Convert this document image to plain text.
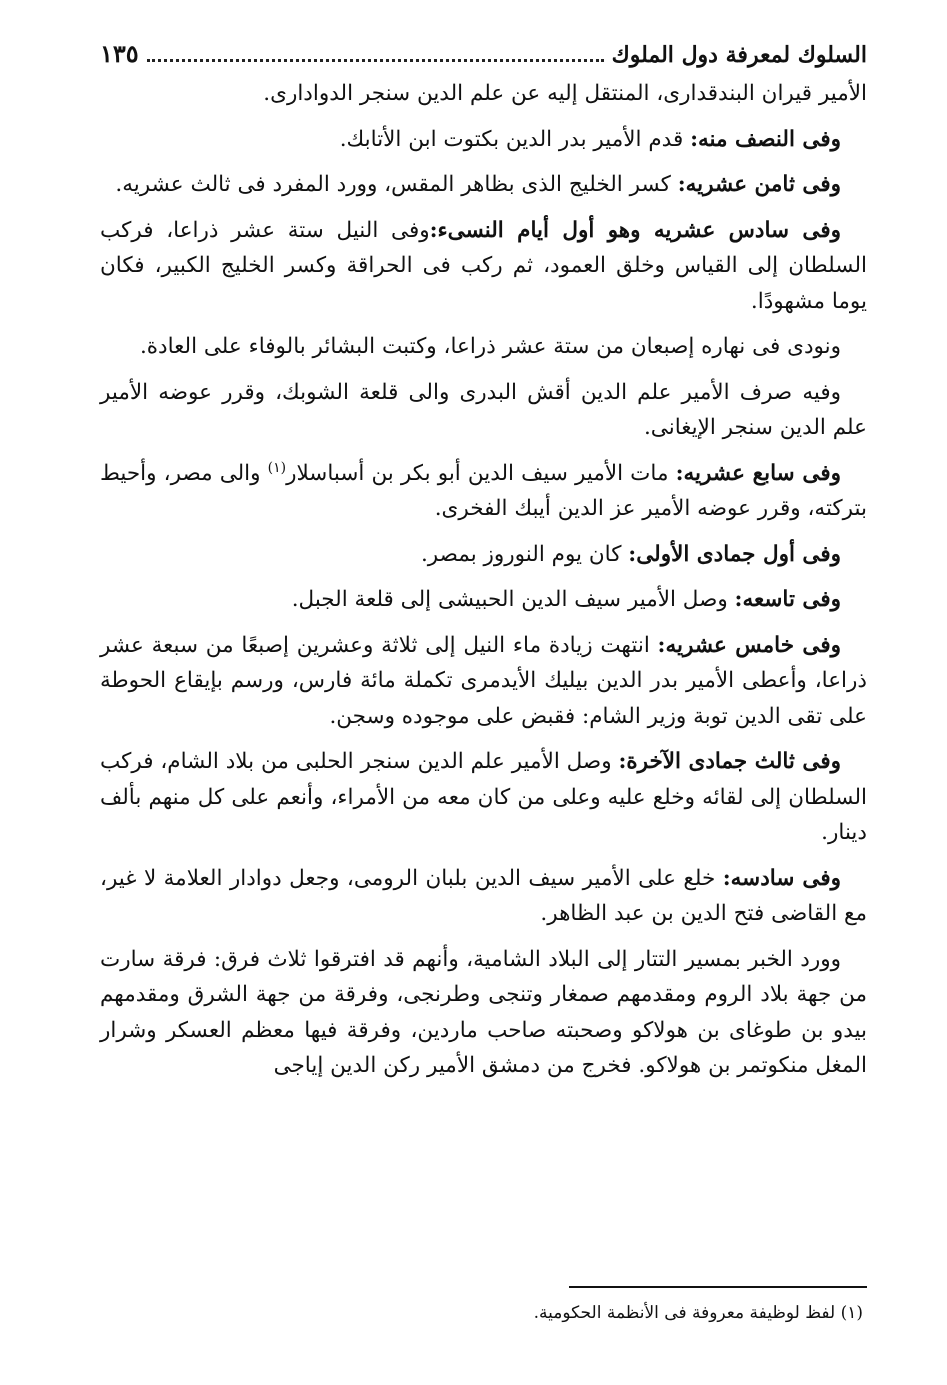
السلوك لمعرفة دول الملوك
١٣٥

الأمير قيران البندقدارى، المنتقل إليه عن علم الدين سنجر الدوادارى.

وفى النصف منه: قدم الأمير بدر الدين بكتوت ابن الأتابك.

وفى ثامن عشريه: كسر الخليج الذى بظاهر المقس، وورد المفرد فى ثالث عشريه.

وفى سادس عشريه وهو أول أيام النسىء:وفى النيل ستة عشر ذراعا، فركب السلطان إلى القياس وخلق العمود، ثم ركب فى الحراقة وكسر الخليج الكبير، فكان يوما مشهودًا.

ونودى فى نهاره إصبعان من ستة عشر ذراعا، وكتبت البشائر بالوفاء على العادة.

وفيه صرف الأمير علم الدين أقش البدرى والى قلعة الشوبك، وقرر عوضه الأمير علم الدين سنجر الإيغانى.

وفى سابع عشريه: مات الأمير سيف الدين أبو بكر بن أسباسلار$^{(١)}$ والى مصر، وأحيط بتركته، وقرر عوضه الأمير عز الدين أيبك الفخرى.

وفى أول جمادى الأولى: كان يوم النوروز بمصر.

وفى تاسعه: وصل الأمير سيف الدين الحبيشى إلى قلعة الجبل.

وفى خامس عشريه: انتهت زيادة ماء النيل إلى ثلاثة وعشرين إصبعًا من سبعة عشر ذراعا، وأعطى الأمير بدر الدين بيليك الأيدمرى تكملة مائة فارس، ورسم بإيقاع الحوطة على تقى الدين توبة وزير الشام: فقبض على موجوده وسجن.

وفى ثالث جمادى الآخرة: وصل الأمير علم الدين سنجر الحلبى من بلاد الشام، فركب السلطان إلى لقائه وخلع عليه وعلى من كان معه من الأمراء، وأنعم على كل منهم بألف دينار.

وفى سادسه: خلع على الأمير سيف الدين بلبان الرومى، وجعل دوادار العلامة لا غير، مع القاضى فتح الدين بن عبد الظاهر.

وورد الخبر بمسير التتار إلى البلاد الشامية، وأنهم قد افترقوا ثلاث فرق: فرقة سارت من جهة بلاد الروم ومقدمهم صمغار وتنجى وطرنجى، وفرقة من جهة الشرق ومقدمهم بيدو بن طوغاى بن هولاكو وصحبته صاحب ماردين، وفرقة فيها معظم العسكر وشرار المغل منكوتمر بن هولاكو. فخرج من دمشق الأمير ركن الدين إياجى

(١) لفظ لوظيفة معروفة فى الأنظمة الحكومية.
